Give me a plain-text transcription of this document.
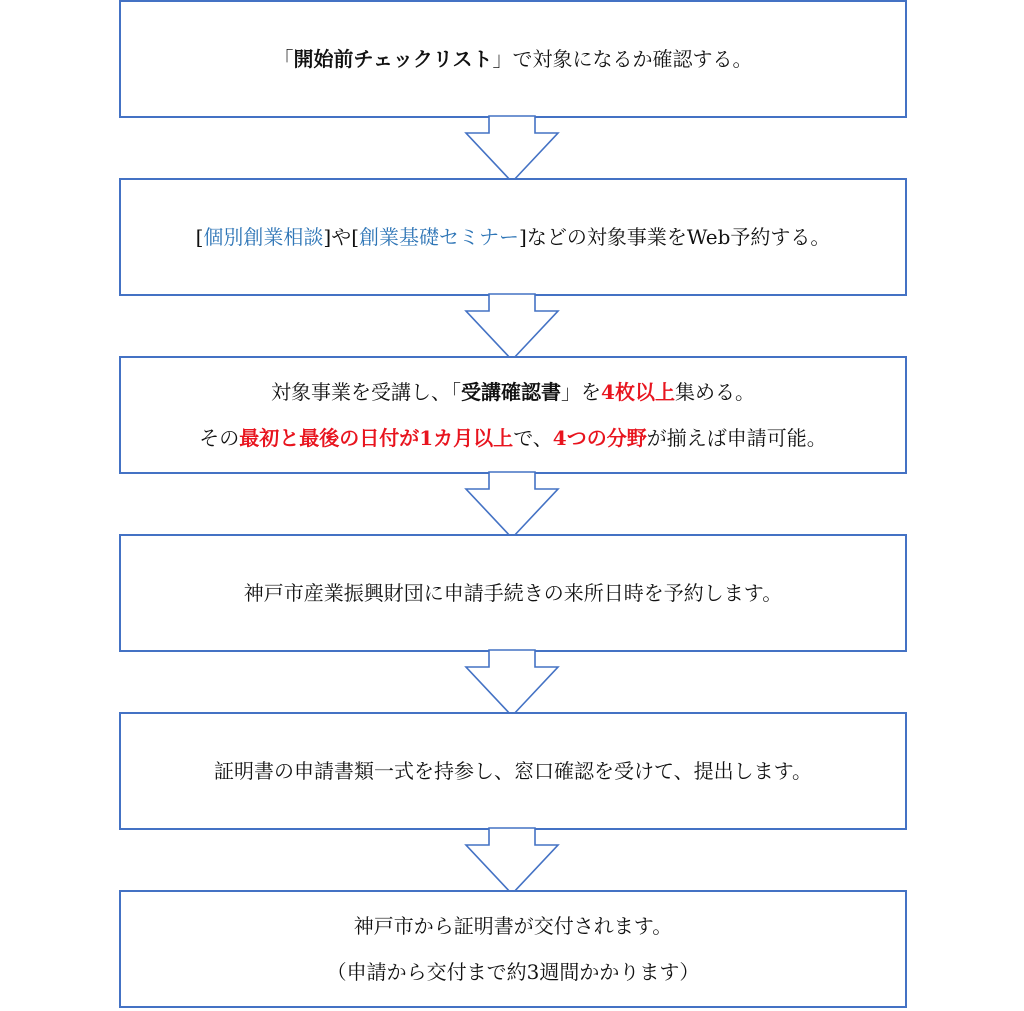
「開始前チェックリスト」で対象になるか確認する。
[個別創業相談]や[創業基礎セミナー]などの対象事業をWeb予約する。
対象事業を受講し、「受講確認書」を4枚以上集める。
その最初と最後の日付が1カ月以上で、4つの分野が揃えば申請可能。
神戸市産業振興財団に申請手続きの来所日時を予約します。
証明書の申請書類一式を持参し、窓口確認を受けて、提出します。
神戸市から証明書が交付されます。
（申請から交付まで約3週間かかります）
